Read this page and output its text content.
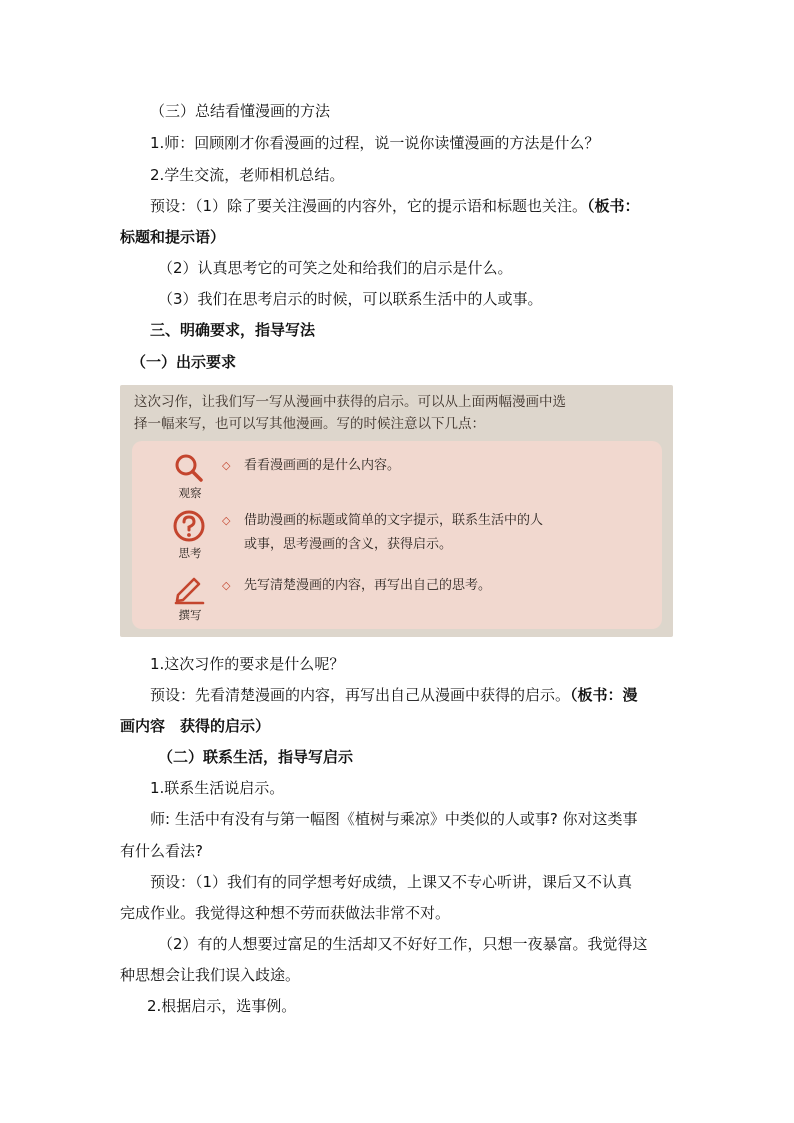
（三）总结看懂漫画的方法
1.师：回顾刚才你看漫画的过程，说一说你读懂漫画的方法是什么？
2.学生交流，老师相机总结。
预设：（1）除了要关注漫画的内容外，它的提示语和标题也关注。（板书：
标题和提示语）
（2）认真思考它的可笑之处和给我们的启示是什么。
（3）我们在思考启示的时候，可以联系生活中的人或事。
三、明确要求，指导写法
（一）出示要求
这次习作，让我们写一写从漫画中获得的启示。可以从上面两幅漫画中选
择一幅来写，也可以写其他漫画。写的时候注意以下几点：
观察
◇ 看看漫画画的是什么内容。
思考
◇ 借助漫画的标题或简单的文字提示，联系生活中的人
或事，思考漫画的含义，获得启示。
撰写
◇ 先写清楚漫画的内容，再写出自己的思考。
1.这次习作的要求是什么呢？
预设：先看清楚漫画的内容，再写出自己从漫画中获得的启示。（板书：漫
画内容　获得的启示）
（二）联系生活，指导写启示
1.联系生活说启示。
师: 生活中有没有与第一幅图《植树与乘凉》中类似的人或事? 你对这类事
有什么看法?
预设：（1）我们有的同学想考好成绩，上课又不专心听讲，课后又不认真
完成作业。我觉得这种想不劳而获做法非常不对。
（2）有的人想要过富足的生活却又不好好工作，只想一夜暴富。我觉得这
种思想会让我们误入歧途。
2.根据启示，选事例。
